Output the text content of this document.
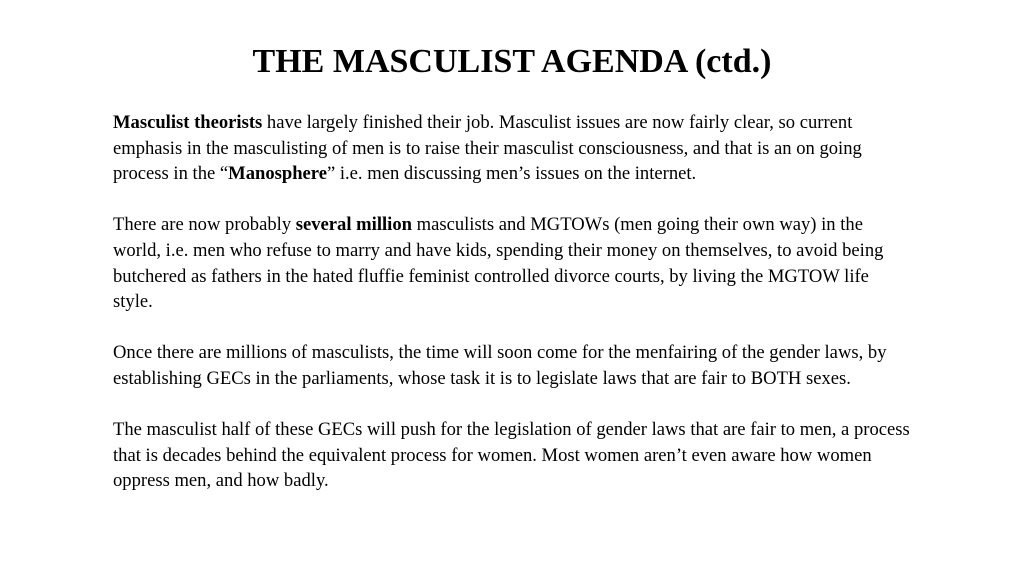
THE MASCULIST AGENDA (ctd.)

Masculist theorists have largely finished their job. Masculist issues are now fairly clear, so current emphasis in the masculisting of men is to raise their masculist consciousness, and that is an on going process in the “Manosphere” i.e. men discussing men’s issues on the internet.

There are now probably several million masculists and MGTOWs (men going their own way) in the world, i.e. men who refuse to marry and have kids, spending their money on themselves, to avoid being butchered as fathers in the hated fluffie feminist controlled divorce courts, by living the MGTOW life style.

Once there are millions of masculists, the time will soon come for the menfairing of the gender laws, by establishing GECs in the parliaments, whose task it is to legislate laws that are fair to BOTH sexes.

The masculist half of these GECs will push for the legislation of gender laws that are fair to men, a process that is decades behind the equivalent process for women. Most women aren’t even aware how women oppress men, and how badly.
